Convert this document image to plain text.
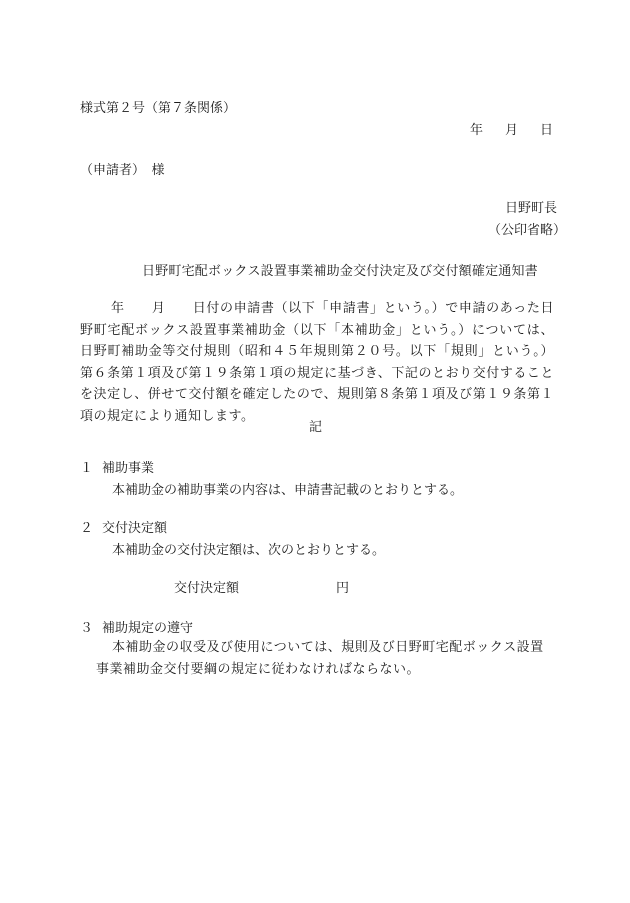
様式第２号（第７条関係）
年 月 日
（申請者）　様
日野町長
（公印省略）
日野町宅配ボックス設置事業補助金交付決定及び交付額確定通知書
年　　月　　日付の申請書（以下「申請書」という。）で申請のあった日野町宅配ボックス設置事業補助金（以下「本補助金」という。）については、日野町補助金等交付規則（昭和４５年規則第２０号。以下「規則」という。）第６条第１項及び第１９条第１項の規定に基づき、下記のとおり交付することを決定し、併せて交付額を確定したので、規則第８条第１項及び第１９条第１項の規定により通知します。
記
１ 補助事業
本補助金の補助事業の内容は、申請書記載のとおりとする。
２ 交付決定額
本補助金の交付決定額は、次のとおりとする。
交付決定額	円
３ 補助規定の遵守
本補助金の収受及び使用については、規則及び日野町宅配ボックス設置事業補助金交付要綱の規定に従わなければならない。
